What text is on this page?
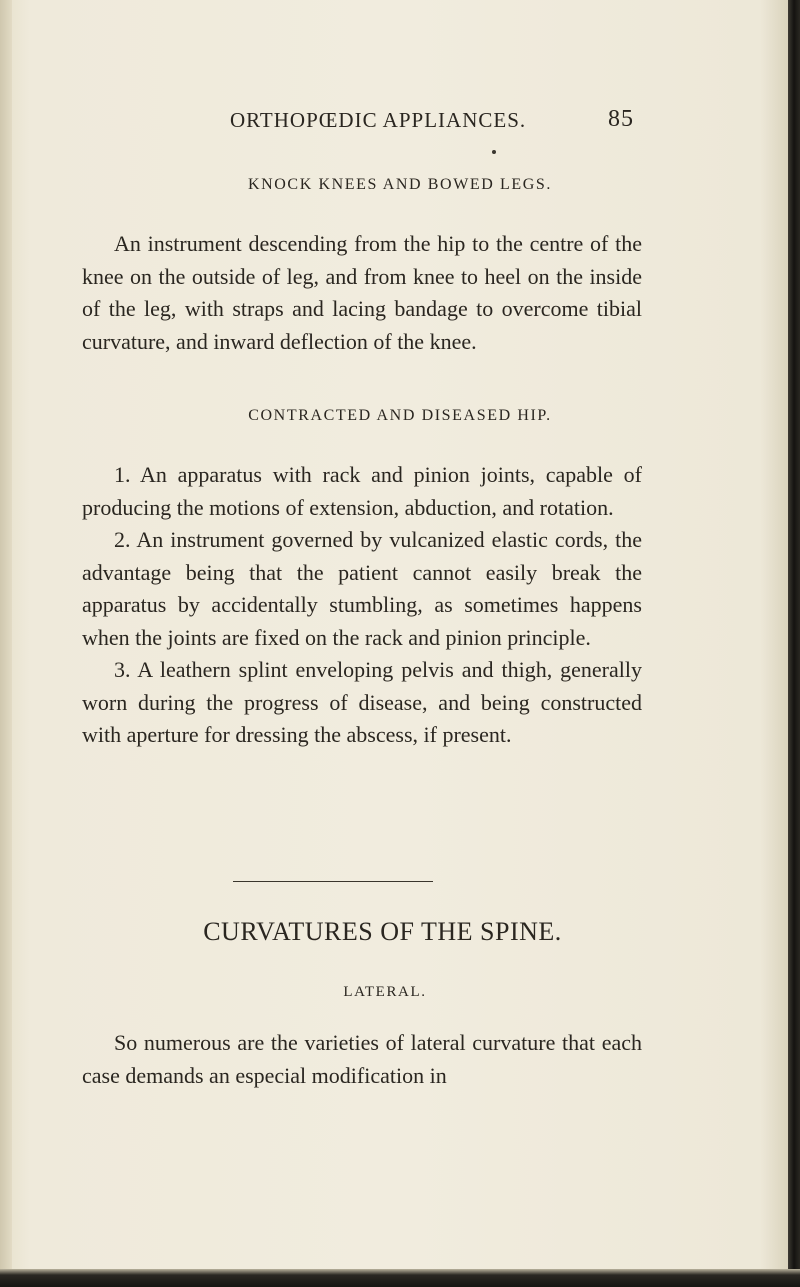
ORTHOPŒDIC APPLIANCES.	85
KNOCK KNEES AND BOWED LEGS.

An instrument descending from the hip to the centre of the knee on the outside of leg, and from knee to heel on the inside of the leg, with straps and lacing bandage to overcome tibial curvature, and inward deflection of the knee.

CONTRACTED AND DISEASED HIP.

1. An apparatus with rack and pinion joints, capable of producing the motions of extension, abduction, and rotation.

2. An instrument governed by vulcanized elastic cords, the advantage being that the patient cannot easily break the apparatus by accidentally stumbling, as sometimes happens when the joints are fixed on the rack and pinion principle.

3. A leathern splint enveloping pelvis and thigh, generally worn during the progress of disease, and being constructed with aperture for dressing the abscess, if present.

CURVATURES OF THE SPINE.
LATERAL.

So numerous are the varieties of lateral curvature that each case demands an especial modification in
